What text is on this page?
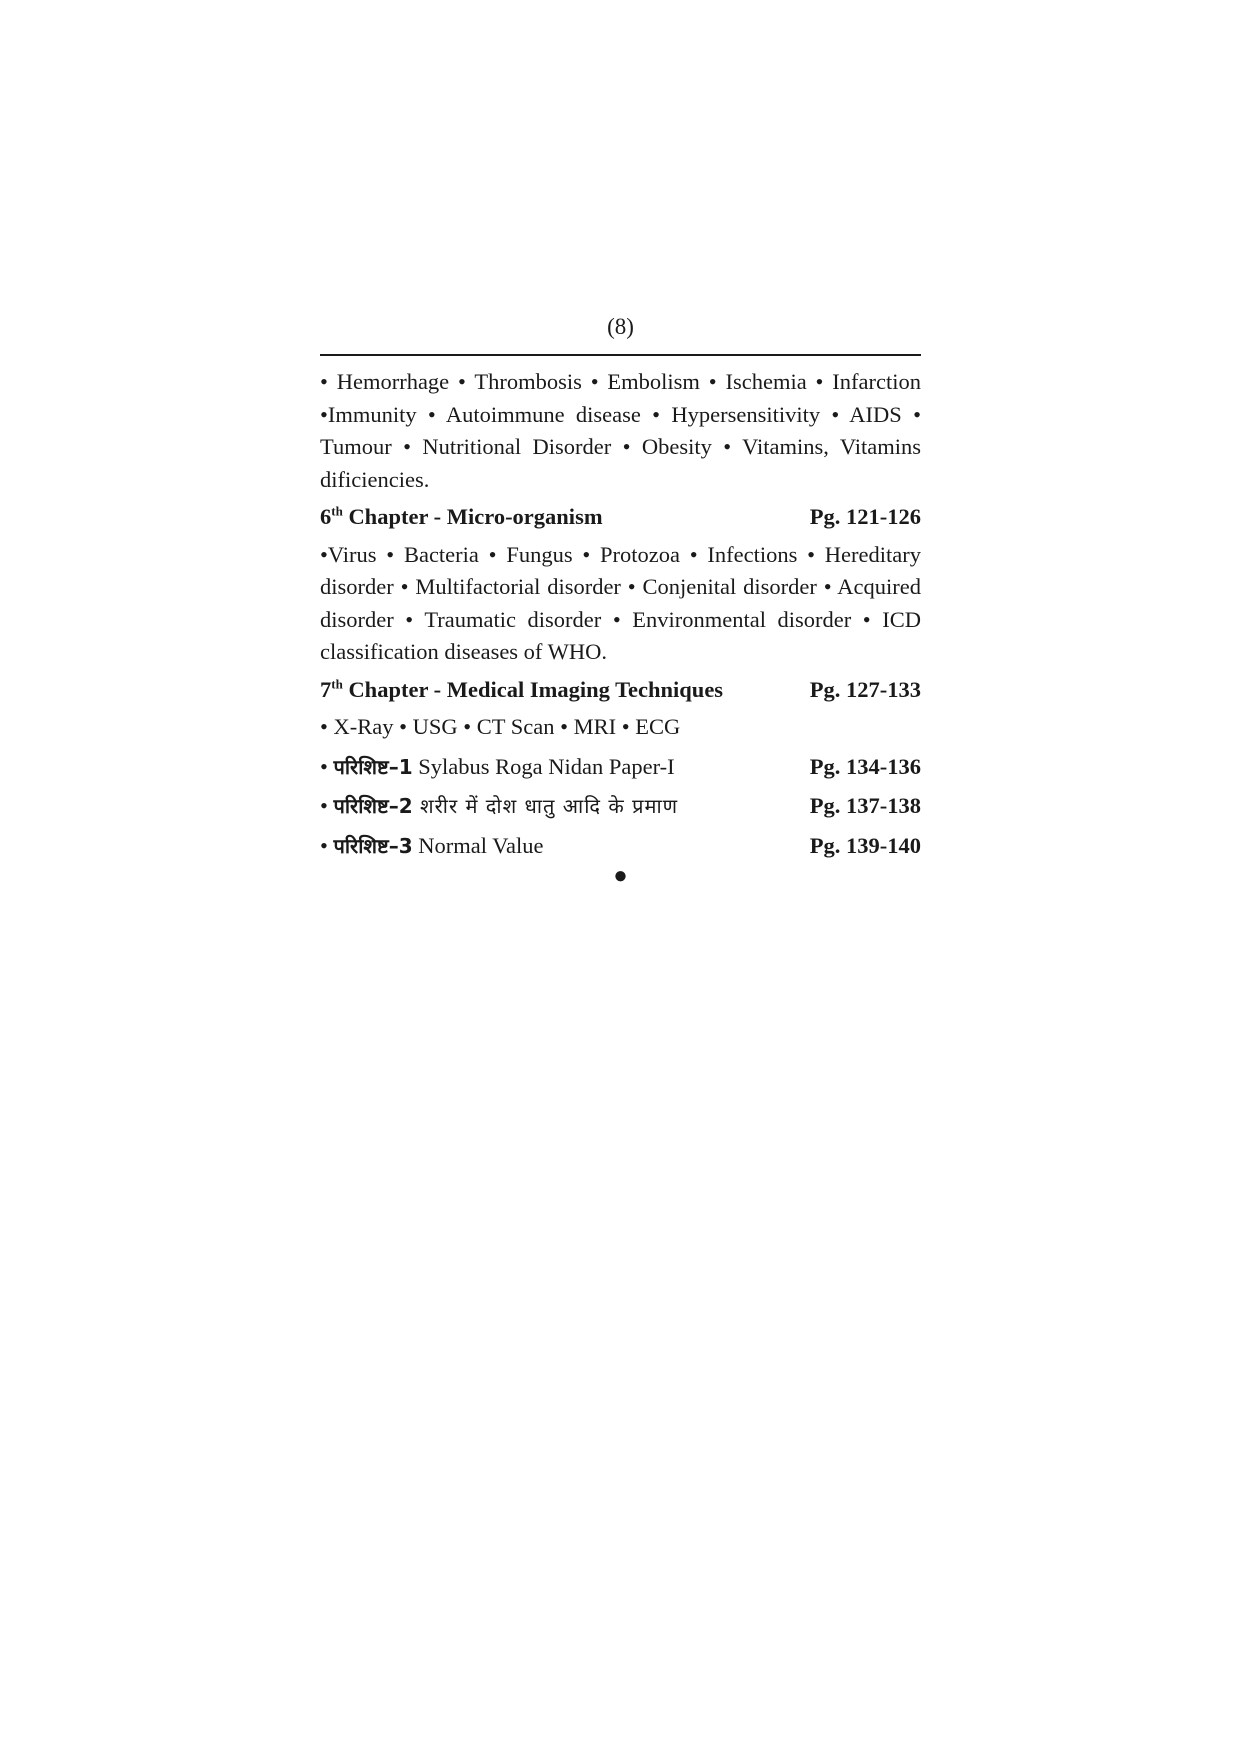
(8)

• Hemorrhage • Thrombosis • Embolism • Ischemia • Infarction •Immunity • Autoimmune disease • Hypersensitivity • AIDS • Tumour • Nutritional Disorder • Obesity • Vitamins, Vitamins dificiencies.

6th Chapter - Micro-organism	Pg. 121-126

•Virus • Bacteria • Fungus • Protozoa • Infections • Hereditary disorder • Multifactorial disorder • Conjenital disorder • Acquired disorder • Traumatic disorder • Environmental disorder • ICD classification diseases of WHO.

7th Chapter - Medical Imaging Techniques	Pg. 127-133
• X-Ray • USG • CT Scan • MRI • ECG
• परिशिष्ट–1 Sylabus Roga Nidan Paper-I	Pg. 134-136
• परिशिष्ट–2 शरीर में दोश धातु आदि के प्रमाण	Pg. 137-138
• परिशिष्ट–3 Normal Value	Pg. 139-140
●
